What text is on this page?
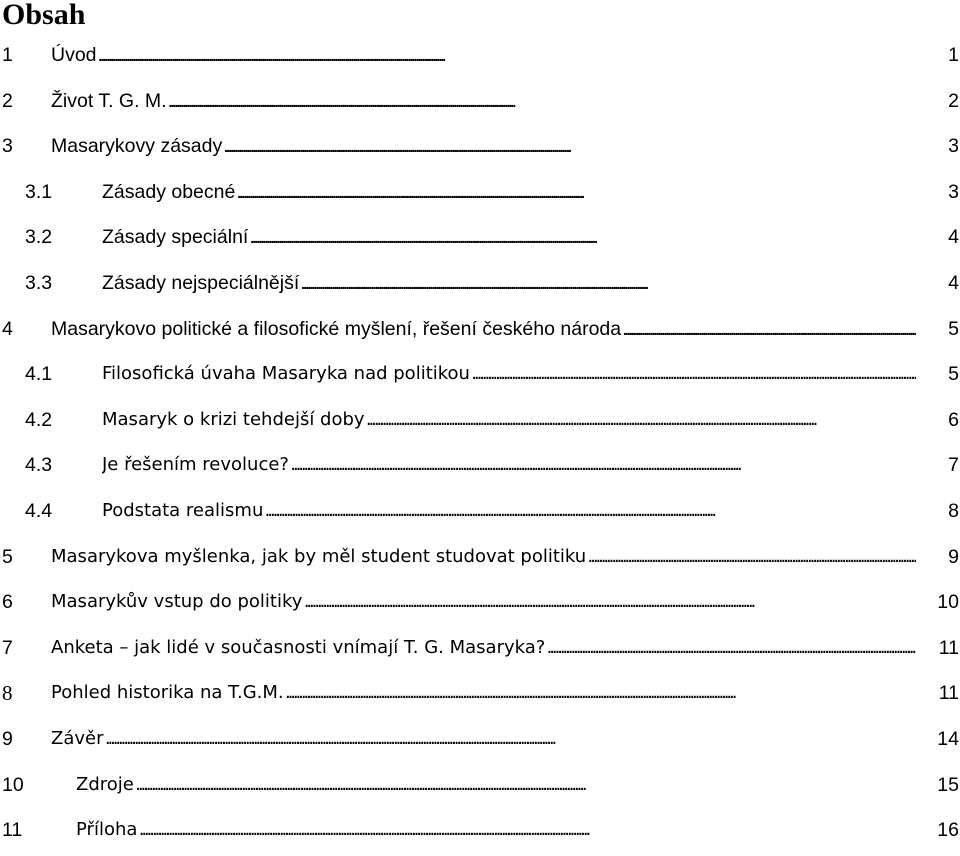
Obsah
1 Úvod . . .	1
2 Život T. G. M. . . .	2
3 Masarykovy zásady . . .	3
3.1	Zásady obecné . . .	3
3.2	Zásady speciální . . .	4
3.3	Zásady nejspeciálnější . . .	4
4 Masarykovo politické a filosofické myšlení, řešení českého národa . . .	5
4.1	Filosofická úvaha Masaryka nad politikou . . .	5
4.2	Masaryk o krizi tehdejší doby . . .	6
4.3	Je řešením revoluce? . . .	7
4.4	Podstata realismu . . .	8
5 Masarykova myšlenka, jak by měl student studovat politiku . . .	9
6 Masarykův vstup do politiky . . .	10
7 Anketa – jak lidé v současnosti vnímají T. G. Masaryka? . . .	11
8 Pohled historika na T.G.M. . . .	11
9 Závěr . . .	14
10	Zdroje . . .	15
11	Příloha . . .	16
